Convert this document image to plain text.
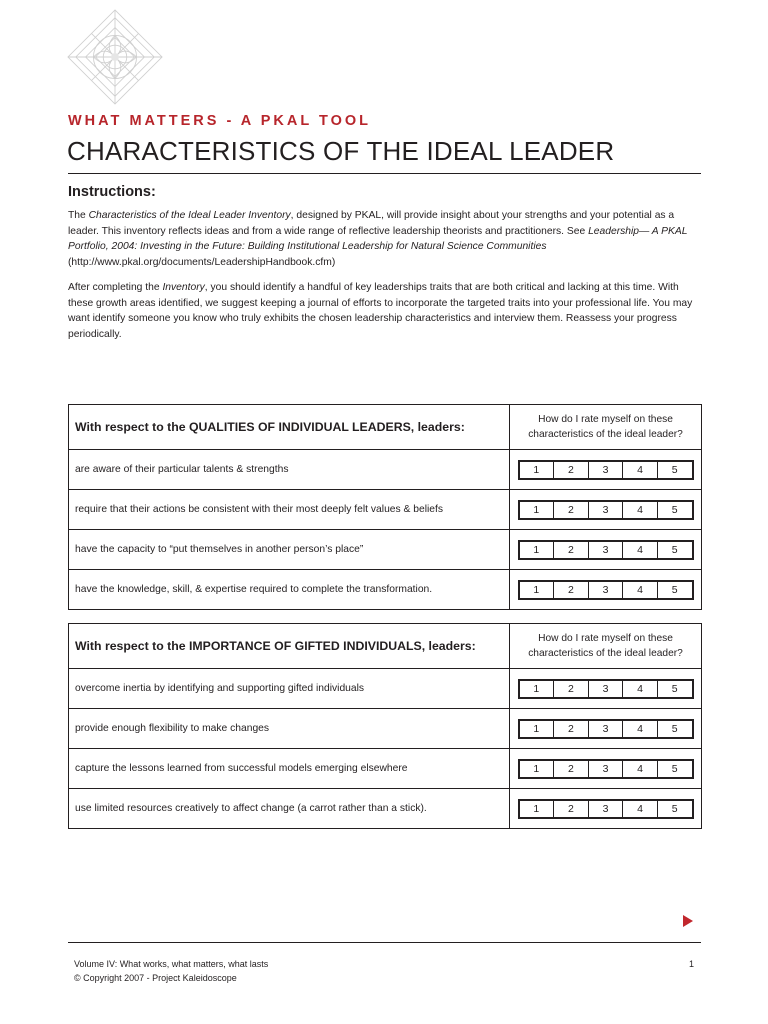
WHAT MATTERS - A PKAL TOOL
CHARACTERISTICS OF THE IDEAL LEADER
Instructions:
The Characteristics of the Ideal Leader Inventory, designed by PKAL, will provide insight about your strengths and your potential as a leader. This inventory reflects ideas and from a wide range of reflective leadership theorists and practitioners. See Leadership— A PKAL Portfolio, 2004: Investing in the Future: Building Institutional Leadership for Natural Science Communities (http://www.pkal.org/documents/LeadershipHandbook.cfm)
After completing the Inventory, you should identify a handful of key leaderships traits that are both critical and lacking at this time. With these growth areas identified, we suggest keeping a journal of efforts to incorporate the targeted traits into your professional life. You may want identify someone you know who truly exhibits the chosen leadership characteristics and interview them. Reassess your progress periodically.
With respect to the QUALITIES OF INDIVIDUAL LEADERS, leaders:	How do I rate myself on these characteristics of the ideal leader?
are aware of their particular talents & strengths	1 2 3 4 5

require that their actions be consistent with their most deeply felt values & beliefs	1 2 3 4 5

have the capacity to “put themselves in another person’s place”	1 2 3 4 5

have the knowledge, skill, & expertise required to complete the transformation.	1 2 3 4 5
With respect to the IMPORTANCE OF GIFTED INDIVIDUALS, leaders:	How do I rate myself on these characteristics of the ideal leader?
overcome inertia by identifying and supporting gifted individuals	1 2 3 4 5

provide enough flexibility to make changes	1 2 3 4 5

capture the lessons learned from successful models emerging elsewhere	1 2 3 4 5

use limited resources creatively to affect change (a carrot rather than a stick).	1 2 3 4 5
Volume IV: What works, what matters, what lasts
© Copyright 2007 - Project Kaleidoscope
1
